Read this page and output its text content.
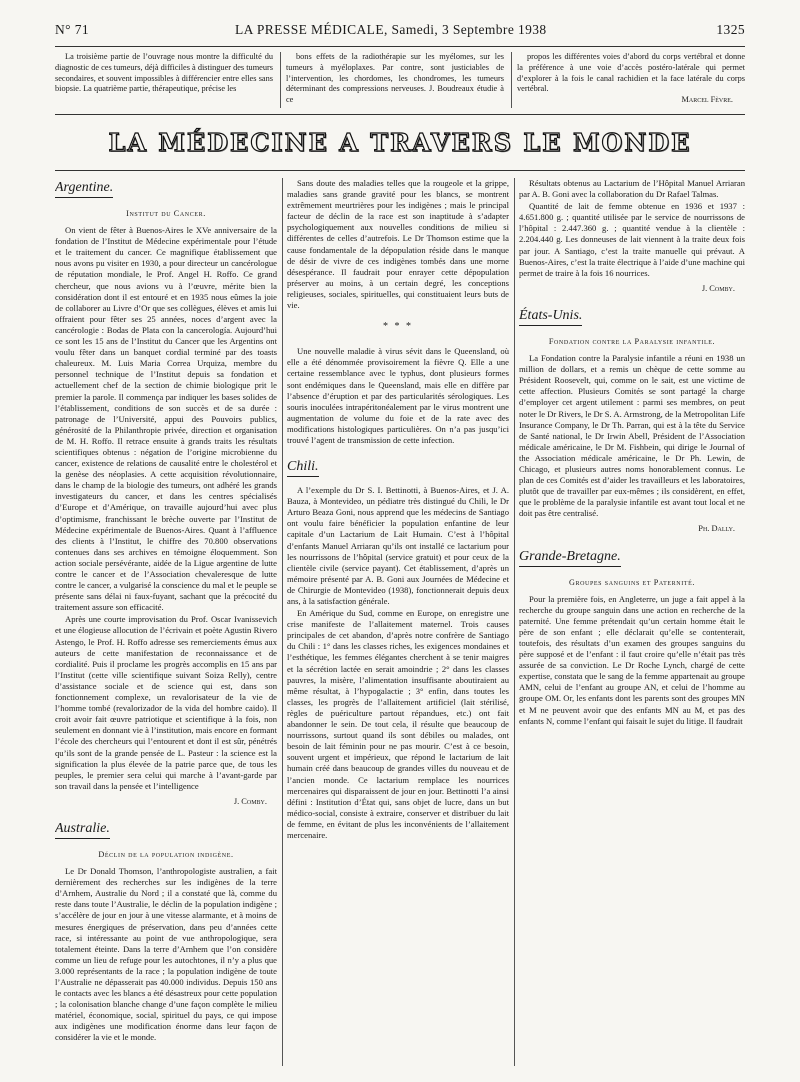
N° 71	LA PRESSE MÉDICALE, Samedi, 3 Septembre 1938	1325

La troisième partie de l’ouvrage nous montre la difficulté du diagnostic de ces tumeurs, déjà difficiles à distinguer des tumeurs secondaires, et souvent impossibles à différencier entre elles sans biopsie. La quatrième partie, thérapeutique, précise les

bons effets de la radiothérapie sur les myélomes, sur les tumeurs à myéloplaxes. Par contre, sont justiciables de l’intervention, les chordomes, les chondromes, les tumeurs déterminant des compressions nerveuses. J. Boudreaux étudie à ce

propos les différentes voies d’abord du corps vertébral et donne la préférence à une voie d’accès postéro-latérale qui permet d’explorer à la fois le canal rachidien et la face latérale du corps vertébral.

Marcel Fèvre.
LA MÉDECINE A TRAVERS LE MONDE
Argentine.

Institut du Cancer.

On vient de fêter à Buenos-Aires le XVe anniversaire de la fondation de l’Institut de Médecine expérimentale pour l’étude et le traitement du cancer. Ce magnifique établissement que nous avons pu visiter en 1930, a pour directeur un cancérologue de réputation mondiale, le Prof. Angel H. Roffo. Ce grand chercheur, que nous avions vu à l’œuvre, mérite bien la considération dont il est entouré et en 1935 nous eûmes la joie de collaborer au Livre d’Or que ses collègues, élèves et amis lui offraient pour fêter ses 25 années, noces d’argent avec la cancérologie : Bodas de Plata con la cancerología. Aujourd’hui ce sont les 15 ans de l’Institut du Cancer que les Argentins ont voulu fêter dans un banquet cordial terminé par des toasts chaleureux. M. Luis Maria Correa Urquiza, membre du personnel technique de l’Institut depuis sa fondation et actuellement chef de la section de chimie biologique prit le premier la parole. Il commença par indiquer les bases solides de l’établissement, conditions de son succès et de sa durée : patronage de l’Université, appui des Pouvoirs publics, générosité de la Philanthropie privée, direction et organisation de M. H. Roffo. Il retrace ensuite à grands traits les résultats scientifiques obtenus : négation de l’origine microbienne du cancer, existence de relations de causalité entre le cholestérol et la genèse des néoplasies. A cette acquisition révolutionnaire, dans le champ de la biologie des tumeurs, ont adhéré les grands investigateurs du cancer, et dans les centres spécialisés d’Europe et d’Amérique, on travaille aujourd’hui avec plus d’optimisme, franchissant le brèche ouverte par l’Institut de Médecine expérimentale de Buenos-Aires. Quant à l’affluence des clients à l’Institut, le chiffre des 70.800 observations contenues dans ses archives en témoigne éloquemment. Son action sociale persévérante, aidée de la Ligue argentine de lutte contre le cancer et de l’Association chevaleresque de lutte contre le cancer, a vulgarisé la conscience du mal et le peuple se présente sans délai ni faux-fuyant, sachant que la précocité du traitement assure son efficacité.

Après une courte improvisation du Prof. Oscar Ivanissevich et une élogieuse allocution de l’écrivain et poète Agustin Rivero Astengo, le Prof. H. Roffo adresse ses remerciements émus aux auteurs de cette manifestation de reconnaissance et de cordialité. Puis il proclame les progrès accomplis en 15 ans par l’Institut (cette ville scientifique suivant Soiza Relly), centre d’assistance sociale et de science qui est, dans son fonctionnement complexe, un revalorisateur de la vie de l’homme tombé (revalorizador de la vida del hombre caido). Il croit avoir fait œuvre patriotique et scientifique à la fois, non seulement en donnant vie à l’institution, mais encore en formant l’école des chercheurs qui l’entourent et dont il est sûr, pénétrés qu’ils sont de la grande pensée de L. Pasteur : la science est la signification la plus élevée de la patrie parce que, de tous les peuples, le premier sera celui qui marche à l’avant-garde par son travail dans la pensée et l’intelligence

J. Comby.

Australie.

Déclin de la population indigène.

Le Dr Donald Thomson, l’anthropologiste australien, a fait dernièrement des recherches sur les indigènes de la terre d’Arnhem, Australie du Nord ; il a constaté que là, comme du reste dans toute l’Australie, le déclin de la population indigène ; s’accélère de jour en jour à une vitesse alarmante, et à moins de mesures énergiques de préservation, dans peu d’années cette race, si intéressante au point de vue anthropologique, sera totalement éteinte. Dans la terre d’Arnhem que l’on considère comme un lieu de refuge pour les autochtones, il n’y a plus que 3.000 représentants de la race ; la population indigène de toute l’Australie ne dépasserait pas 40.000 individus. Depuis 150 ans le contacts avec les blancs a été désastreux pour cette population ; la colonisation blanche change d’une façon complète le milieu matériel, économique, social, spirituel du pays, ce qui impose aux indigènes une modification énorme dans leur façon de considérer la vie et le monde.

Sans doute des maladies telles que la rougeole et la grippe, maladies sans grande gravité pour les blancs, se montrent extrêmement meurtrières pour les indigènes ; mais le principal facteur de déclin de la race est son inaptitude à s’adapter psychologiquement aux nouvelles conditions de milieu si différentes de celles d’autrefois. Le Dr Thomson estime que la cause fondamentale de la dépopulation réside dans le manque de désir de vivre de ces indigènes tombés dans une morne désespérance. Il faudrait pour enrayer cette dépopulation préserver au moins, à un certain degré, les conceptions religieuses, sociales, spirituelles, qui constituaient leurs buts de vie.

* * *

Une nouvelle maladie à virus sévit dans le Queensland, où elle a été dénommée provisoirement la fièvre Q. Elle a une certaine ressemblance avec le typhus, dont plusieurs formes sont endémiques dans le Queensland, mais elle en diffère par l’absence d’éruption et par des particularités sérologiques. Les souris inoculées intrapéritonéalement par le virus montrent une augmentation de volume du foie et de la rate avec des modifications histologiques particulières. On n’a pas jusqu’ici trouvé l’agent de transmission de cette infection.

Chili.

A l’exemple du Dr S. I. Bettinotti, à Buenos-Aires, et J. A. Bauza, à Montevideo, un pédiatre très distingué du Chili, le Dr Arturo Beaza Goni, nous apprend que les médecins de Santiago ont voulu faire bénéficier la population enfantine de leur capitale d’un Lactarium de Lait Humain. C’est à l’hôpital d’enfants Manuel Arriaran qu’ils ont installé ce lactarium pour les nourrissons de l’hôpital (service gratuit) et pour ceux de la clientèle civile (service payant). Cet établissement, d’après un mémoire présenté par A. B. Goni aux Journées de Médecine et de Chirurgie de Montevideo (1938), fonctionnerait depuis deux ans, à la satisfaction générale.

En Amérique du Sud, comme en Europe, on enregistre une crise manifeste de l’allaitement maternel. Trois causes principales de cet abandon, d’après notre confrère de Santiago du Chili : 1° dans les classes riches, les exigences mondaines et l’esthétique, les femmes élégantes cherchent à se tenir maigres et la sécrétion lactée en serait amoindrie ; 2° dans les classes pauvres, la misère, l’alimentation insuffisante aboutiraient au même résultat, à l’hypogalactie ; 3° enfin, dans toutes les classes, les progrès de l’allaitement artificiel (lait stérilisé, règles de puériculture partout répandues, etc.) ont fait abandonner le sein. De tout cela, il résulte que beaucoup de nourrissons, surtout quand ils sont débiles ou malades, ont besoin de lait féminin pour ne pas mourir. C’est à ce besoin, souvent urgent et impérieux, que répond le lactarium de lait humain créé dans beaucoup de grandes villes du nouveau et de l’ancien monde. Ce lactarium remplace les nourrices mercenaires qui disparaissent de jour en jour. Bettinotti l’a ainsi défini : Institution d’État qui, sans objet de lucre, dans un but médico-social, consiste à extraire, conserver et distribuer du lait de femme, en évitant de plus les inconvénients de l’allaitement mercenaire.

Résultats obtenus au Lactarium de l’Hôpital Manuel Arriaran par A. B. Goni avec la collaboration du Dr Rafael Talmas.

Quantité de lait de femme obtenue en 1936 et 1937 : 4.651.800 g. ; quantité utilisée par le service de nourrissons de l’hôpital : 2.447.360 g. ; quantité vendue à la clientèle : 2.204.440 g. Les donneuses de lait viennent à la traite deux fois par jour. A Santiago, c’est la traite manuelle qui prévaut. A Buenos-Aires, c’est la traite électrique à l’aide d’une machine qui permet de traire à la fois 16 nourrices.

J. Comby.

États-Unis.

Fondation contre la Paralysie infantile.

La Fondation contre la Paralysie infantile a réuni en 1938 un million de dollars, et a remis un chèque de cette somme au Président Roosevelt, qui, comme on le sait, est une victime de cette affection. Plusieurs Comités se sont partagé la charge d’employer cet argent utilement : parmi ses membres, on peut noter le Dr Rivers, le Dr S. A. Armstrong, de la Metropolitan Life Insurance Company, le Dr Th. Parran, qui est à la tête du Service de Santé national, le Dr Irwin Abell, Président de l’Association médicale américaine, le Dr M. Fishbein, qui dirige le Journal of the Association médicale américaine, le Dr Ph. Lewin, de Chicago, et plusieurs autres noms honorablement connus. Le plan de ces Comités est d’aider les travailleurs et les laboratoires, plutôt que de travailler par eux-mêmes ; ils considèrent, en effet, que le problème de la paralysie infantile est avant tout local et ne doit pas être centralisé.

Ph. Dally.

Grande-Bretagne.

Groupes sanguins et Paternité.

Pour la première fois, en Angleterre, un juge a fait appel à la recherche du groupe sanguin dans une action en recherche de la paternité. Une femme prétendait qu’un certain homme était le père de son enfant ; elle déclarait qu’elle se contenterait, toutefois, des résultats d’un examen des groupes sanguins du père supposé et de l’enfant : il faut croire qu’elle n’était pas très assurée de sa conviction. Le Dr Roche Lynch, chargé de cette expertise, constata que le sang de la femme appartenait au groupe AMN, celui de l’enfant au groupe AN, et celui de l’homme au groupe OM. Or, les enfants dont les parents sont des groupes MN et M ne peuvent avoir que des enfants MN au M, et pas des enfants N, comme l’enfant qui faisait le sujet du litige. Il faudrait
